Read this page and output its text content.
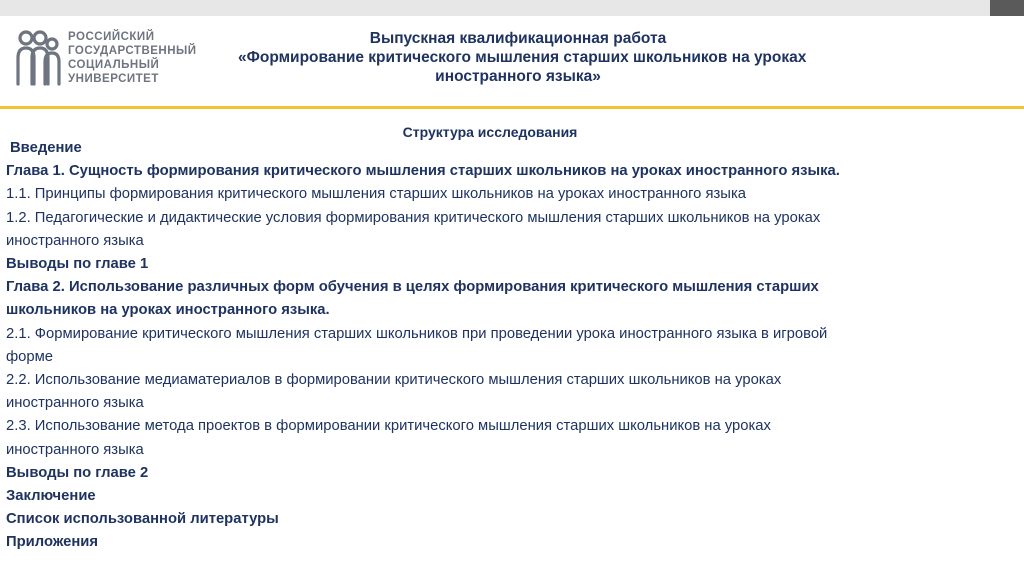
РОССИЙСКИЙ
ГОСУДАРСТВЕННЫЙ
СОЦИАЛЬНЫЙ
УНИВЕРСИТЕТ
Выпускная квалификационная работа
«Формирование критического мышления старших школьников на уроках
иностранного языка»
Структура исследования
Введение
Глава 1. Сущность формирования критического мышления старших школьников на уроках иностранного языка.
1.1. Принципы формирования критического мышления старших школьников на уроках иностранного языка
1.2. Педагогические и дидактические условия формирования критического мышления старших школьников на уроках
иностранного языка
Выводы по главе 1
Глава 2. Использование различных форм обучения в целях формирования критического мышления старших
школьников на уроках иностранного языка.
2.1. Формирование критического мышления старших школьников при проведении урока иностранного языка в игровой
форме
2.2. Использование медиаматериалов в формировании критического мышления старших школьников на уроках
иностранного языка
2.3. Использование метода проектов в формировании критического мышления старших школьников на уроках
иностранного языка
Выводы по главе 2
Заключение
Список использованной литературы
Приложения
